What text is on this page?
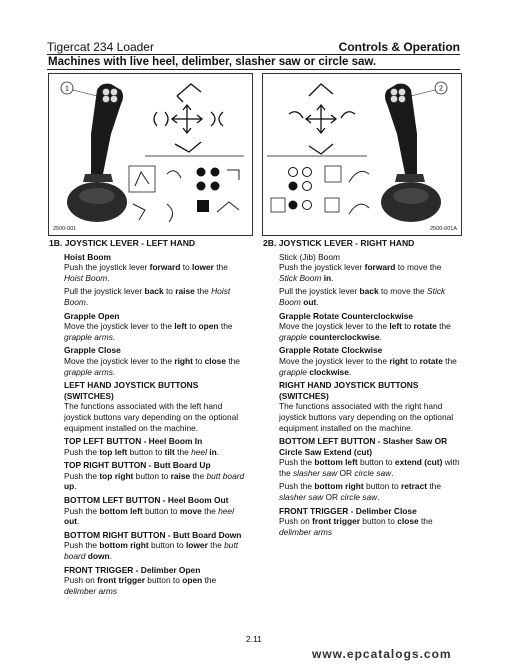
Tigercat 234 Loader	Controls & Operation
Machines with live heel, delimber, slasher saw or circle saw.
1
2500-001
2
2500-001A
1B. JOYSTICK LEVER - LEFT HAND
Hoist Boom
Push the joystick lever forward to lower the Hoist Boom.
Pull the joystick lever back to raise the Hoist Boom.
Grapple Open
Move the joystick lever to the left to open the grapple arms.
Grapple Close
Move the joystick lever to the right to close the grapple arms.
LEFT HAND JOYSTICK BUTTONS (SWITCHES)
The functions associated with the left hand joystick buttons vary depending on the optional equipment installed on the machine.
TOP LEFT BUTTON - Heel Boom In
Push the top left button to tilt the heel in.
TOP RIGHT BUTTON - Butt Board Up
Push the top right button to raise the butt board up.
BOTTOM LEFT BUTTON - Heel Boom Out
Push the bottom left button to move the heel out.
BOTTOM RIGHT BUTTON - Butt Board Down
Push the bottom right button to lower the butt board down.
FRONT TRIGGER - Delimber Open
Push on front trigger button to open the delimber arms
2B. JOYSTICK LEVER - RIGHT HAND
Stick (Jib) Boom
Push the joystick lever forward to move the Stick Boom in.
Pull the joystick lever back to move the Stick Boom out.
Grapple Rotate Counterclockwise
Move the joystick lever to the left to rotate the grapple counterclockwise.
Grapple Rotate Clockwise
Move the joystick lever to the right to rotate the grapple clockwise.
RIGHT HAND JOYSTICK BUTTONS (SWITCHES)
The functions associated with the right hand joystick buttons vary depending on the optional equipment installed on the machine.
BOTTOM LEFT BUTTON - Slasher Saw OR Circle Saw Extend (cut)
Push the bottom left button to extend (cut) with the slasher saw OR circle saw.
Push the bottom right button to retract the slasher saw OR circle saw.
FRONT TRIGGER - Delimber Close
Push on front trigger button to close the delimber arms
2.11
www.epcatalogs.com
